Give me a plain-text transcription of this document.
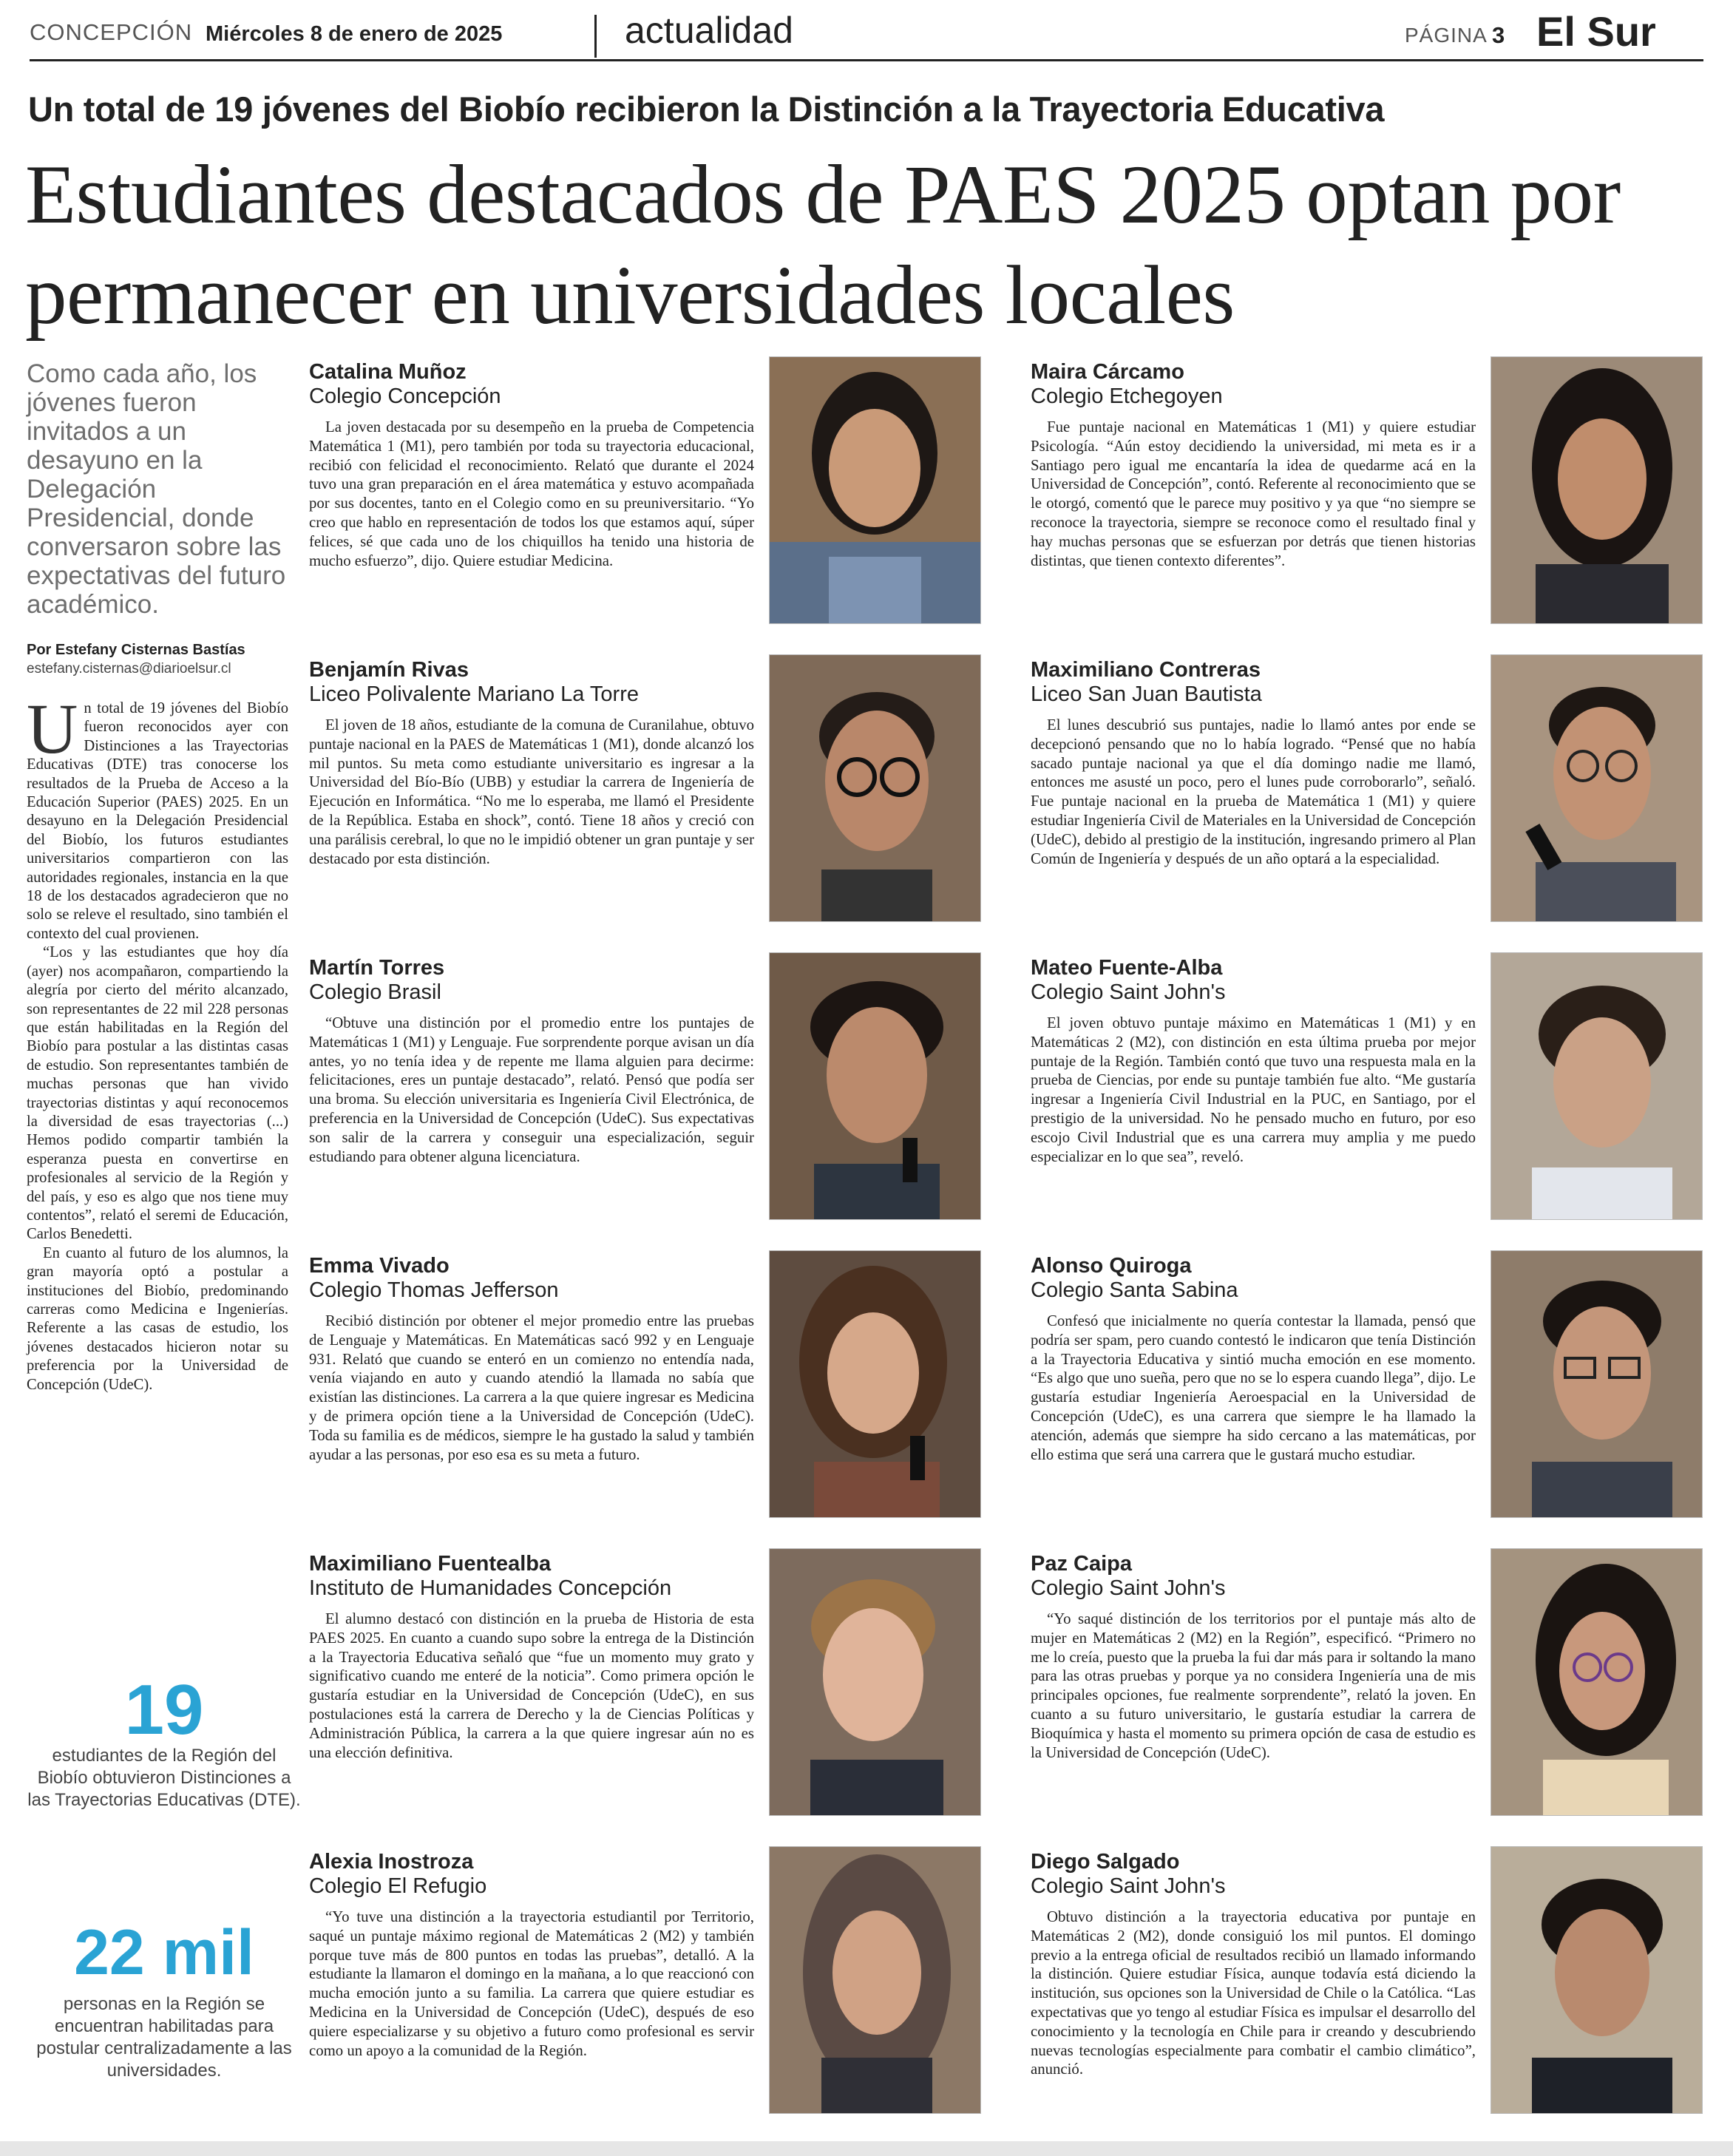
CONCEPCIÓN Miércoles 8 de enero de 2025	actualidad	PÁGINA 3 El Sur
Un total de 19 jóvenes del Biobío recibieron la Distinción a la Trayectoria Educativa
Estudiantes destacados de PAES 2025 optan por permanecer en universidades locales
Como cada año, los jóvenes fueron invitados a un desayuno en la Delegación Presidencial, donde conversaron sobre las expectativas del futuro académico.
Por Estefany Cisternas Bastías
estefany.cisternas@diarioelsur.cl

Un total de 19 jóvenes del Biobío fueron reconocidos ayer con Distinciones a las Trayectorias Educativas (DTE) tras conocerse los resultados de la Prueba de Acceso a la Educación Superior (PAES) 2025. En un desayuno en la Delegación Presidencial del Biobío, los futuros estudiantes universitarios compartieron con las autoridades regionales, instancia en la que 18 de los destacados agradecieron que no solo se releve el resultado, sino también el contexto del cual provienen.

“Los y las estudiantes que hoy día (ayer) nos acompañaron, compartiendo la alegría por cierto del mérito alcanzado, son representantes de 22 mil 228 personas que están habilitadas en la Región del Biobío para postular a las distintas casas de estudio. Son representantes también de muchas personas que han vivido trayectorias distintas y aquí reconocemos la diversidad de esas trayectorias (...) Hemos podido compartir también la esperanza puesta en convertirse en profesionales al servicio de la Región y del país, y eso es algo que nos tiene muy contentos”, relató el seremi de Educación, Carlos Benedetti.

En cuanto al futuro de los alumnos, la gran mayoría optó a postular a instituciones del Biobío, predominando carreras como Medicina e Ingenierías. Referente a las casas de estudio, los jóvenes destacados hicieron notar su preferencia por la Universidad de Concepción (UdeC).

19
estudiantes de la Región del Biobío obtuvieron Distinciones a las Trayectorias Educativas (DTE).
22 mil
personas en la Región se encuentran habilitadas para postular centralizadamente a las universidades.
Catalina Muñoz
Colegio Concepción

La joven destacada por su desempeño en la prueba de Competencia Matemática 1 (M1), pero también por toda su trayectoria educacional, recibió con felicidad el reconocimiento. Relató que durante el 2024 tuvo una gran preparación en el área matemática y estuvo acompañada por sus docentes, tanto en el Colegio como en su preuniversitario. “Yo creo que hablo en representación de todos los que estamos aquí, súper felices, sé que cada uno de los chiquillos ha tenido una historia de mucho esfuerzo”, dijo. Quiere estudiar Medicina.

Maira Cárcamo
Colegio Etchegoyen

Fue puntaje nacional en Matemáticas 1 (M1) y quiere estudiar Psicología. “Aún estoy decidiendo la universidad, mi meta es ir a Santiago pero igual me encantaría la idea de quedarme acá en la Universidad de Concepción”, contó. Referente al reconocimiento que se le otorgó, comentó que le parece muy positivo y ya que “no siempre se reconoce la trayectoria, siempre se reconoce como el resultado final y hay muchas personas que se esfuerzan por detrás que tienen historias distintas, que tienen contexto diferentes”.

Benjamín Rivas
Liceo Polivalente Mariano La Torre

El joven de 18 años, estudiante de la comuna de Curanilahue, obtuvo puntaje nacional en la PAES de Matemáticas 1 (M1), donde alcanzó los mil puntos. Su meta como estudiante universitario es ingresar a la Universidad del Bío-Bío (UBB) y estudiar la carrera de Ingeniería de Ejecución en Informática. “No me lo esperaba, me llamó el Presidente de la República. Estaba en shock”, contó. Tiene 18 años y creció con una parálisis cerebral, lo que no le impidió obtener un gran puntaje y ser destacado por esta distinción.

Maximiliano Contreras
Liceo San Juan Bautista

El lunes descubrió sus puntajes, nadie lo llamó antes por ende se decepcionó pensando que no lo había logrado. “Pensé que no había sacado puntaje nacional ya que el día domingo nadie me llamó, entonces me asusté un poco, pero el lunes pude corroborarlo”, señaló. Fue puntaje nacional en la prueba de Matemática 1 (M1) y quiere estudiar Ingeniería Civil de Materiales en la Universidad de Concepción (UdeC), debido al prestigio de la institución, ingresando primero al Plan Común de Ingeniería y después de un año optará a la especialidad.

Martín Torres
Colegio Brasil

“Obtuve una distinción por el promedio entre los puntajes de Matemáticas 1 (M1) y Lenguaje. Fue sorprendente porque avisan un día antes, yo no tenía idea y de repente me llama alguien para decirme: felicitaciones, eres un puntaje destacado”, relató. Pensó que podía ser una broma. Su elección universitaria es Ingeniería Civil Electrónica, de preferencia en la Universidad de Concepción (UdeC). Sus expectativas son salir de la carrera y conseguir una especialización, seguir estudiando para obtener alguna licenciatura.

Mateo Fuente-Alba
Colegio Saint John's

El joven obtuvo puntaje máximo en Matemáticas 1 (M1) y en Matemáticas 2 (M2), con distinción en esta última prueba por mejor puntaje de la Región. También contó que tuvo una respuesta mala en la prueba de Ciencias, por ende su puntaje también fue alto. “Me gustaría ingresar a Ingeniería Civil Industrial en la PUC, en Santiago, por el prestigio de la universidad. No he pensado mucho en futuro, por eso escojo Civil Industrial que es una carrera muy amplia y me puedo especializar en lo que sea”, reveló.

Emma Vivado
Colegio Thomas Jefferson

Recibió distinción por obtener el mejor promedio entre las pruebas de Lenguaje y Matemáticas. En Matemáticas sacó 992 y en Lenguaje 931. Relató que cuando se enteró en un comienzo no entendía nada, venía viajando en auto y cuando atendió la llamada no sabía que existían las distinciones. La carrera a la que quiere ingresar es Medicina y de primera opción tiene a la Universidad de Concepción (UdeC). Toda su familia es de médicos, siempre le ha gustado la salud y también ayudar a las personas, por eso esa es su meta a futuro.

Alonso Quiroga
Colegio Santa Sabina

Confesó que inicialmente no quería contestar la llamada, pensó que podría ser spam, pero cuando contestó le indicaron que tenía Distinción a la Trayectoria Educativa y sintió mucha emoción en ese momento. “Es algo que uno sueña, pero que no se lo espera cuando llega”, dijo. Le gustaría estudiar Ingeniería Aeroespacial en la Universidad de Concepción (UdeC), es una carrera que siempre le ha llamado la atención, además que siempre ha sido cercano a las matemáticas, por ello estima que será una carrera que le gustará mucho estudiar.

Maximiliano Fuentealba
Instituto de Humanidades Concepción

El alumno destacó con distinción en la prueba de Historia de esta PAES 2025. En cuanto a cuando supo sobre la entrega de la Distinción a la Trayectoria Educativa señaló que “fue un momento muy grato y significativo cuando me enteré de la noticia”. Como primera opción le gustaría estudiar en la Universidad de Concepción (UdeC), en sus postulaciones está la carrera de Derecho y la de Ciencias Políticas y Administración Pública, la carrera a la que quiere ingresar aún no es una elección definitiva.

Paz Caipa
Colegio Saint John's

“Yo saqué distinción de los territorios por el puntaje más alto de mujer en Matemáticas 2 (M2) en la Región”, especificó. “Primero no me lo creía, puesto que la prueba la fui dar más para ir soltando la mano para las otras pruebas y porque ya no considera Ingeniería una de mis principales opciones, fue realmente sorprendente”, relató la joven. En cuanto a su futuro universitario, le gustaría estudiar la carrera de Bioquímica y hasta el momento su primera opción de casa de estudio es la Universidad de Concepción (UdeC).

Alexia Inostroza
Colegio El Refugio

“Yo tuve una distinción a la trayectoria estudiantil por Territorio, saqué un puntaje máximo regional de Matemáticas 2 (M2) y también porque tuve más de 800 puntos en todas las pruebas”, detalló. A la estudiante la llamaron el domingo en la mañana, a lo que reaccionó con mucha emoción junto a su familia. La carrera que quiere estudiar es Medicina en la Universidad de Concepción (UdeC), después de eso quiere especializarse y su objetivo a futuro como profesional es servir como un apoyo a la comunidad de la Región.

Diego Salgado
Colegio Saint John's

Obtuvo distinción a la trayectoria educativa por puntaje en Matemáticas 2 (M2), donde consiguió los mil puntos. El domingo previo a la entrega oficial de resultados recibió un llamado informando la distinción. Quiere estudiar Física, aunque todavía está diciendo la institución, sus opciones son la Universidad de Chile o la Católica. “Las expectativas que yo tengo al estudiar Física es impulsar el desarrollo del conocimiento y la tecnología en Chile para ir creando y descubriendo nuevas tecnologías especialmente para combatir el cambio climático”, anunció.
